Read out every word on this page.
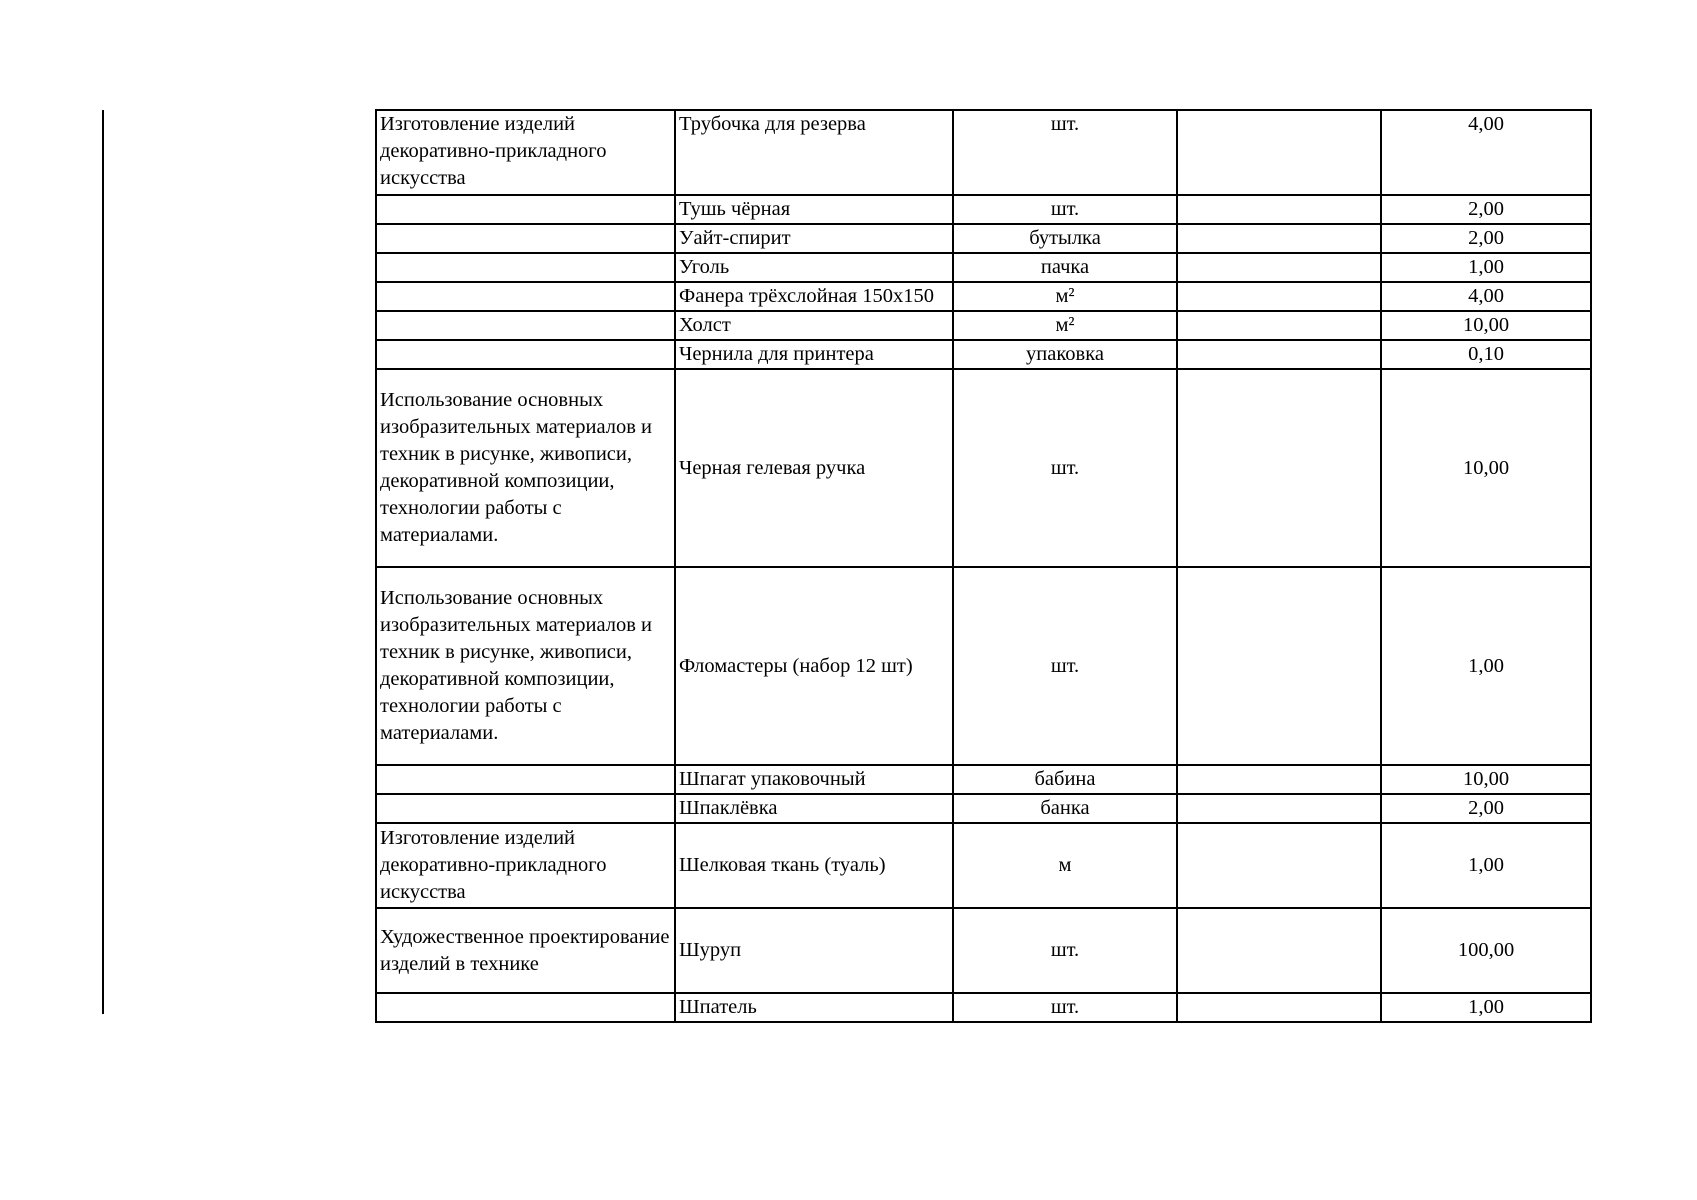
Изготовление изделий декоративно-прикладного искусства	Трубочка для резерва	шт.		4,00
	Тушь чёрная	шт.		2,00
	Уайт-спирит	бутылка		2,00
	Уголь	пачка		1,00
	Фанера трёхслойная 150х150	м²		4,00
	Холст	м²		10,00
	Чернила для принтера	упаковка		0,10
Использование основных изобразительных материалов и техник в рисунке, живописи, декоративной композиции, технологии работы с материалами.	Черная гелевая ручка	шт.		10,00
Использование основных изобразительных материалов и техник в рисунке, живописи, декоративной композиции, технологии работы с материалами.	Фломастеры (набор 12 шт)	шт.		1,00
	Шпагат упаковочный	бабина		10,00
	Шпаклёвка	банка		2,00
Изготовление изделий декоративно-прикладного искусства	Шелковая ткань (туаль)	м		1,00
Художественное проектирование изделий в технике	Шуруп	шт.		100,00
	Шпатель	шт.		1,00
